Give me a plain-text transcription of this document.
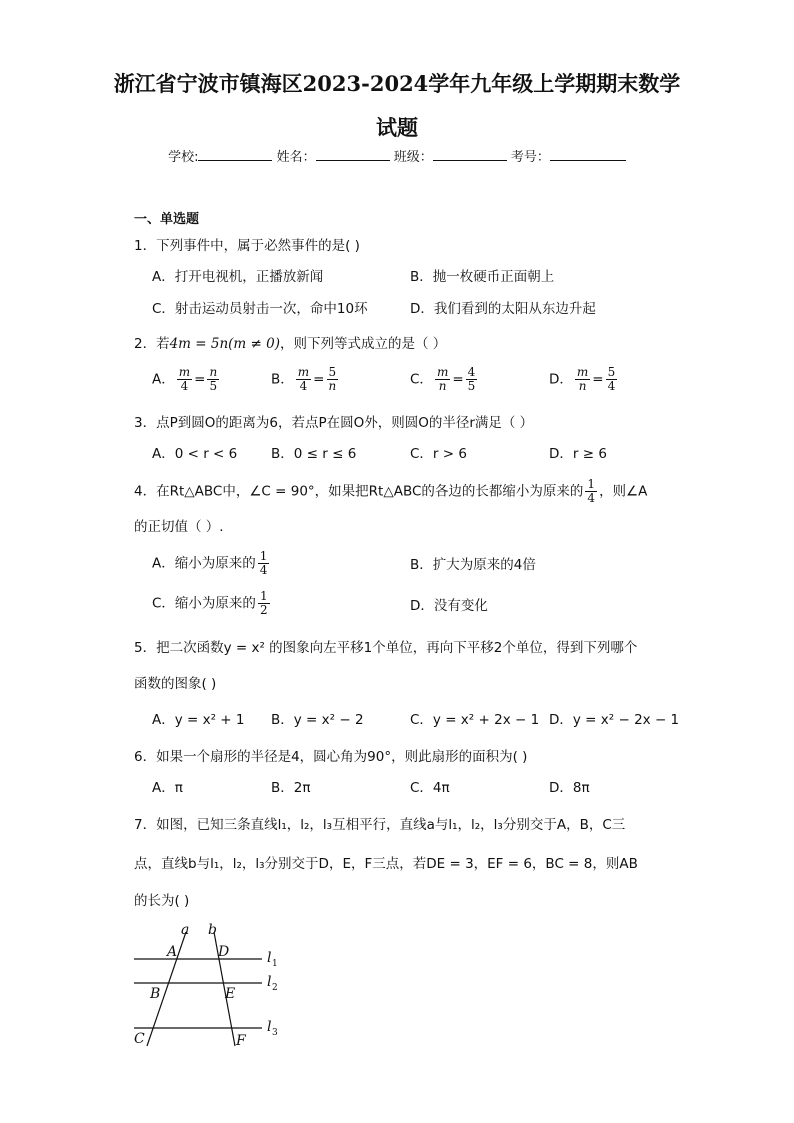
浙江省宁波市镇海区2023-2024学年九年级上学期期末数学
试题
学校:	姓名：	班级：	考号：
一、单选题
1．下列事件中，属于必然事件的是( )
A．打开电视机，正播放新闻	B．抛一枚硬币正面朝上
C．射击运动员射击一次，命中10环	D．我们看到的太阳从东边升起
2．若4m = 5n(m ≠ 0)，则下列等式成立的是（ ）
A． $\frac{m}{4} = \frac{n}{5}$	B． $\frac{m}{4} = \frac{5}{n}$	C． $\frac{m}{n} = \frac{4}{5}$	D． $\frac{m}{n} = \frac{5}{4}$
3．点P到圆O的距离为6，若点P在圆O外，则圆O的半径r满足（ ）
A．0 < r < 6 B．0 ≤ r ≤ 6	C．r > 6	D．r ≥ 6
4．在Rt△ABC中，∠C = 90°，如果把Rt△ABC的各边的长都缩小为原来的 $\frac{1}{4}$ ，则∠A
的正切值（ ）.
A．缩小为原来的 $\frac{1}{4}$	B．扩大为原来的4倍
C．缩小为原来的 $\frac{1}{2}$	D．没有变化
5．把二次函数y = x² 的图象向左平移1个单位，再向下平移2个单位，得到下列哪个
函数的图象( )
A．y = x² + 1 B．y = x² − 2	C．y = x² + 2x − 1 D．y = x² − 2x − 1
6．如果一个扇形的半径是4，圆心角为90°，则此扇形的面积为( )
A．π	B．2π	C．4π	D．8π
7．如图，已知三条直线l₁，l₂，l₃互相平行，直线a与l₁，l₂，l₃分别交于A，B，C三
点，直线b与l₁，l₂，l₃分别交于D，E，F三点，若DE = 3，EF = 6，BC = 8，则AB
的长为( )
a b
A	D
B	E
C	F
l 1
l 2
l 3
